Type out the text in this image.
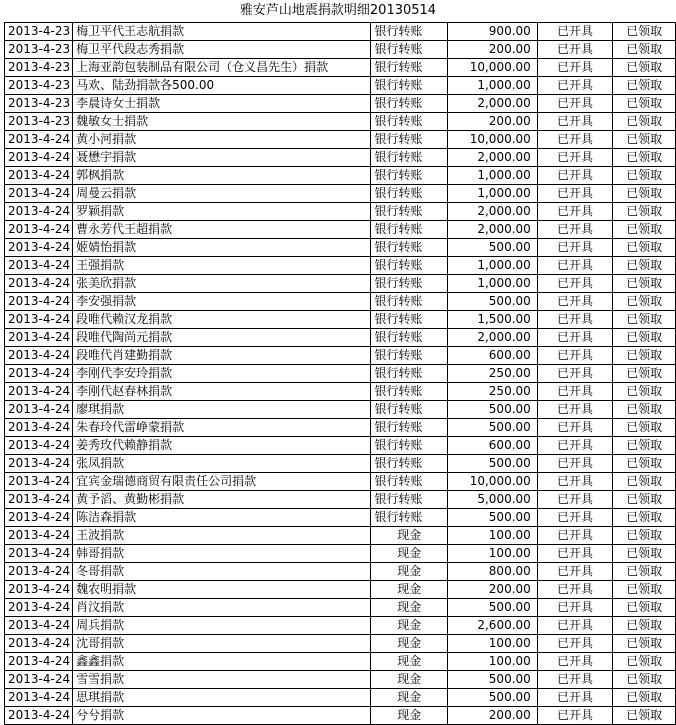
雅安芦山地震捐款明细20130514
2013-4-23	梅卫平代王志航捐款	银行转账	900.00	已开具	已领取
2013-4-23	梅卫平代段志秀捐款	银行转账	200.00	已开具	已领取
2013-4-23	上海亚韵包装制品有限公司（仓义昌先生）捐款	银行转账	10,000.00	已开具	已领取
2013-4-23	马欢、陆劲捐款各500.00	银行转账	1,000.00	已开具	已领取
2013-4-23	李晨诗女士捐款	银行转账	2,000.00	已开具	已领取
2013-4-23	魏敏女士捐款	银行转账	200.00	已开具	已领取
2013-4-24	黄小河捐款	银行转账	10,000.00	已开具	已领取
2013-4-24	聂懋宇捐款	银行转账	2,000.00	已开具	已领取
2013-4-24	郭枫捐款	银行转账	1,000.00	已开具	已领取
2013-4-24	周曼云捐款	银行转账	1,000.00	已开具	已领取
2013-4-24	罗颖捐款	银行转账	2,000.00	已开具	已领取
2013-4-24	曹永芳代王超捐款	银行转账	2,000.00	已开具	已领取
2013-4-24	姬婧怡捐款	银行转账	500.00	已开具	已领取
2013-4-24	王强捐款	银行转账	1,000.00	已开具	已领取
2013-4-24	张美欣捐款	银行转账	1,000.00	已开具	已领取
2013-4-24	李安强捐款	银行转账	500.00	已开具	已领取
2013-4-24	段唯代赖汉龙捐款	银行转账	1,500.00	已开具	已领取
2013-4-24	段唯代陶尚元捐款	银行转账	2,000.00	已开具	已领取
2013-4-24	段唯代肖建勤捐款	银行转账	600.00	已开具	已领取
2013-4-24	李刚代李安玲捐款	银行转账	250.00	已开具	已领取
2013-4-24	李刚代赵春林捐款	银行转账	250.00	已开具	已领取
2013-4-24	廖琪捐款	银行转账	500.00	已开具	已领取
2013-4-24	朱春玲代雷峥蒙捐款	银行转账	500.00	已开具	已领取
2013-4-24	姜秀玫代赖静捐款	银行转账	600.00	已开具	已领取
2013-4-24	张凤捐款	银行转账	500.00	已开具	已领取
2013-4-24	宜宾金瑞德商贸有限责任公司捐款	银行转账	10,000.00	已开具	已领取
2013-4-24	黄予滔、黄勤彬捐款	银行转账	5,000.00	已开具	已领取
2013-4-24	陈洁森捐款	银行转账	500.00	已开具	已领取
2013-4-24	王波捐款	现金	100.00	已开具	已领取
2013-4-24	韩哥捐款	现金	100.00	已开具	已领取
2013-4-24	冬哥捐款	现金	800.00	已开具	已领取
2013-4-24	魏农明捐款	现金	200.00	已开具	已领取
2013-4-24	肖汶捐款	现金	500.00	已开具	已领取
2013-4-24	周兵捐款	现金	2,600.00	已开具	已领取
2013-4-24	沈哥捐款	现金	100.00	已开具	已领取
2013-4-24	鑫鑫捐款	现金	100.00	已开具	已领取
2013-4-24	雪雪捐款	现金	500.00	已开具	已领取
2013-4-24	思琪捐款	现金	500.00	已开具	已领取
2013-4-24	兮兮捐款	现金	200.00	已开具	已领取
